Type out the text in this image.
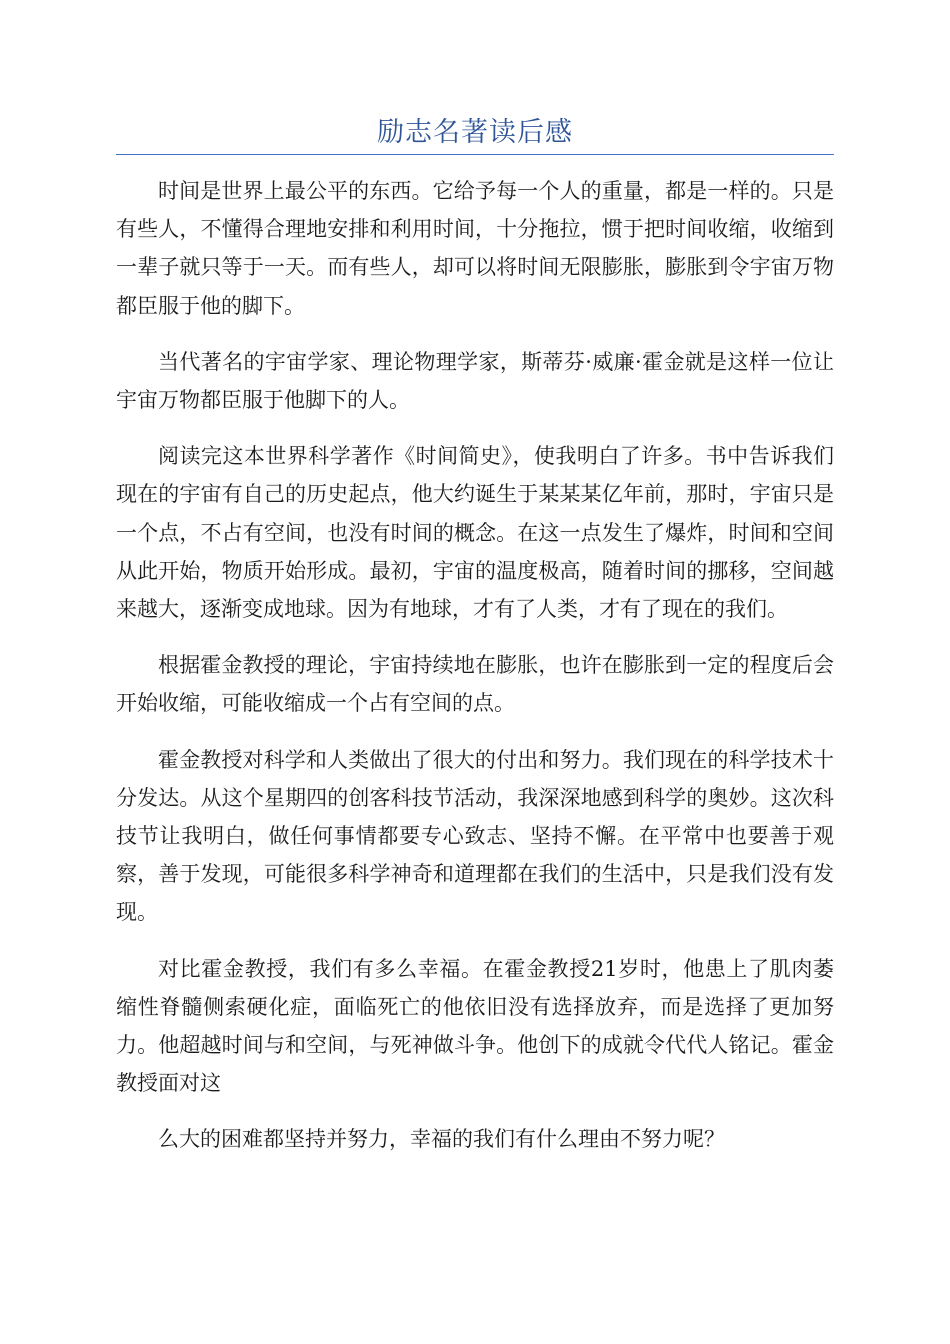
励志名著读后感

时间是世界上最公平的东西。它给予每一个人的重量，都是一样的。只是有些人，不懂得合理地安排和利用时间，十分拖拉，惯于把时间收缩，收缩到一辈子就只等于一天。而有些人，却可以将时间无限膨胀，膨胀到令宇宙万物都臣服于他的脚下。

当代著名的宇宙学家、理论物理学家，斯蒂芬·威廉·霍金就是这样一位让宇宙万物都臣服于他脚下的人。

阅读完这本世界科学著作《时间简史》，使我明白了许多。书中告诉我们现在的宇宙有自己的历史起点，他大约诞生于某某某亿年前，那时，宇宙只是一个点，不占有空间，也没有时间的概念。在这一点发生了爆炸，时间和空间从此开始，物质开始形成。最初，宇宙的温度极高，随着时间的挪移，空间越来越大，逐渐变成地球。因为有地球，才有了人类，才有了现在的我们。

根据霍金教授的理论，宇宙持续地在膨胀，也许在膨胀到一定的程度后会开始收缩，可能收缩成一个占有空间的点。

霍金教授对科学和人类做出了很大的付出和努力。我们现在的科学技术十分发达。从这个星期四的创客科技节活动，我深深地感到科学的奥妙。这次科技节让我明白，做任何事情都要专心致志、坚持不懈。在平常中也要善于观察，善于发现，可能很多科学神奇和道理都在我们的生活中，只是我们没有发现。

对比霍金教授，我们有多么幸福。在霍金教授21岁时，他患上了肌肉萎缩性脊髓侧索硬化症，面临死亡的他依旧没有选择放弃，而是选择了更加努力。他超越时间与和空间，与死神做斗争。他创下的成就令代代人铭记。霍金教授面对这

么大的困难都坚持并努力，幸福的我们有什么理由不努力呢？
